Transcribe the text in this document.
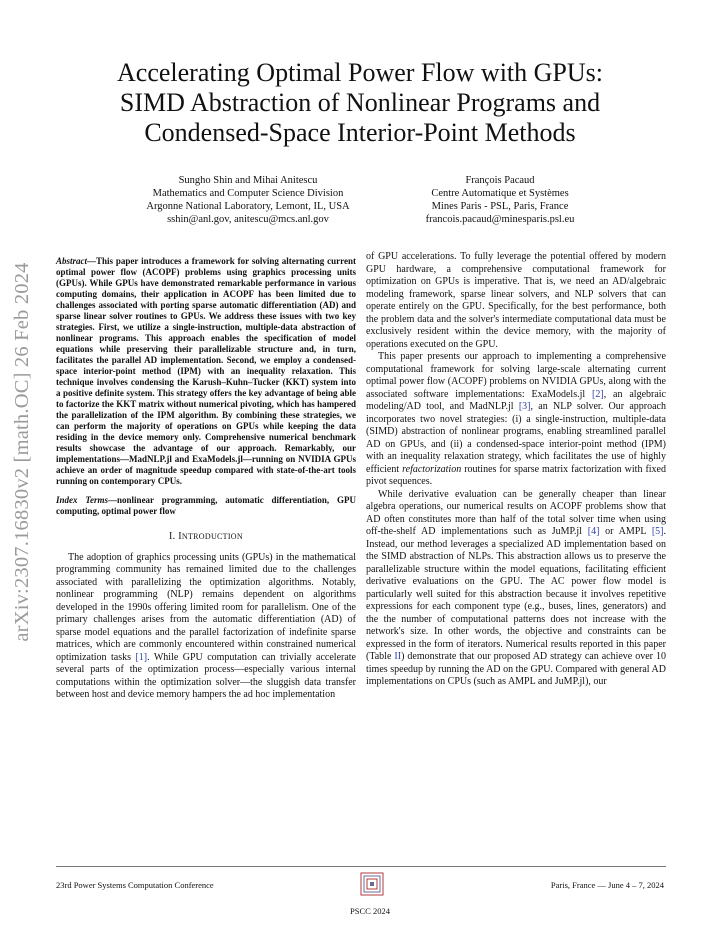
arXiv:2307.16830v2 [math.OC] 26 Feb 2024
Accelerating Optimal Power Flow with GPUs:
SIMD Abstraction of Nonlinear Programs and
Condensed-Space Interior-Point Methods
Sungho Shin and Mihai Anitescu
Mathematics and Computer Science Division
Argonne National Laboratory, Lemont, IL, USA
sshin@anl.gov, anitescu@mcs.anl.gov
François Pacaud
Centre Automatique et Systèmes
Mines Paris - PSL, Paris, France
francois.pacaud@minesparis.psl.eu
Abstract—This paper introduces a framework for solving alternating current optimal power flow (ACOPF) problems using graphics processing units (GPUs). While GPUs have demonstrated remarkable performance in various computing domains, their application in ACOPF has been limited due to challenges associated with porting sparse automatic differentiation (AD) and sparse linear solver routines to GPUs. We address these issues with two key strategies. First, we utilize a single-instruction, multiple-data abstraction of nonlinear programs. This approach enables the specification of model equations while preserving their parallelizable structure and, in turn, facilitates the parallel AD implementation. Second, we employ a condensed-space interior-point method (IPM) with an inequality relaxation. This technique involves condensing the Karush–Kuhn–Tucker (KKT) system into a positive definite system. This strategy offers the key advantage of being able to factorize the KKT matrix without numerical pivoting, which has hampered the parallelization of the IPM algorithm. By combining these strategies, we can perform the majority of operations on GPUs while keeping the data residing in the device memory only. Comprehensive numerical benchmark results showcase the advantage of our approach. Remarkably, our implementations—MadNLP.jl and ExaModels.jl—running on NVIDIA GPUs achieve an order of magnitude speedup compared with state-of-the-art tools running on contemporary CPUs.
Index Terms—nonlinear programming, automatic differentiation, GPU computing, optimal power flow
I. INTRODUCTION

The adoption of graphics processing units (GPUs) in the mathematical programming community has remained limited due to the challenges associated with parallelizing the optimization algorithms. Notably, nonlinear programming (NLP) remains dependent on algorithms developed in the 1990s offering limited room for parallelism. One of the primary challenges arises from the automatic differentiation (AD) of sparse model equations and the parallel factorization of indefinite sparse matrices, which are commonly encountered within constrained numerical optimization tasks [1]. While GPU computation can trivially accelerate several parts of the optimization process—especially various internal computations within the optimization solver—the sluggish data transfer between host and device memory hampers the ad hoc implementation

of GPU accelerations. To fully leverage the potential offered by modern GPU hardware, a comprehensive computational framework for optimization on GPUs is imperative. That is, we need an AD/algebraic modeling framework, sparse linear solvers, and NLP solvers that can operate entirely on the GPU. Specifically, for the best performance, both the problem data and the solver's intermediate computational data must be exclusively resident within the device memory, with the majority of operations executed on the GPU.

This paper presents our approach to implementing a comprehensive computational framework for solving large-scale alternating current optimal power flow (ACOPF) problems on NVIDIA GPUs, along with the associated software implementations: ExaModels.jl [2], an algebraic modeling/AD tool, and MadNLP.jl [3], an NLP solver. Our approach incorporates two novel strategies: (i) a single-instruction, multiple-data (SIMD) abstraction of nonlinear programs, enabling streamlined parallel AD on GPUs, and (ii) a condensed-space interior-point method (IPM) with an inequality relaxation strategy, which facilitates the use of highly efficient refactorization routines for sparse matrix factorization with fixed pivot sequences.

While derivative evaluation can be generally cheaper than linear algebra operations, our numerical results on ACOPF problems show that AD often constitutes more than half of the total solver time when using off-the-shelf AD implementations such as JuMP.jl [4] or AMPL [5]. Instead, our method leverages a specialized AD implementation based on the SIMD abstraction of NLPs. This abstraction allows us to preserve the parallelizable structure within the model equations, facilitating efficient derivative evaluations on the GPU. The AC power flow model is particularly well suited for this abstraction because it involves repetitive expressions for each component type (e.g., buses, lines, generators) and the the number of computational patterns does not increase with the network's size. In other words, the objective and constraints can be expressed in the form of iterators. Numerical results reported in this paper (Table II) demonstrate that our proposed AD strategy can achieve over 10 times speedup by running the AD on the GPU. Compared with general AD implementations on CPUs (such as AMPL and JuMP.jl), our

23rd Power Systems Computation Conference	Paris, France — June 4 – 7, 2024
PSCC 2024
